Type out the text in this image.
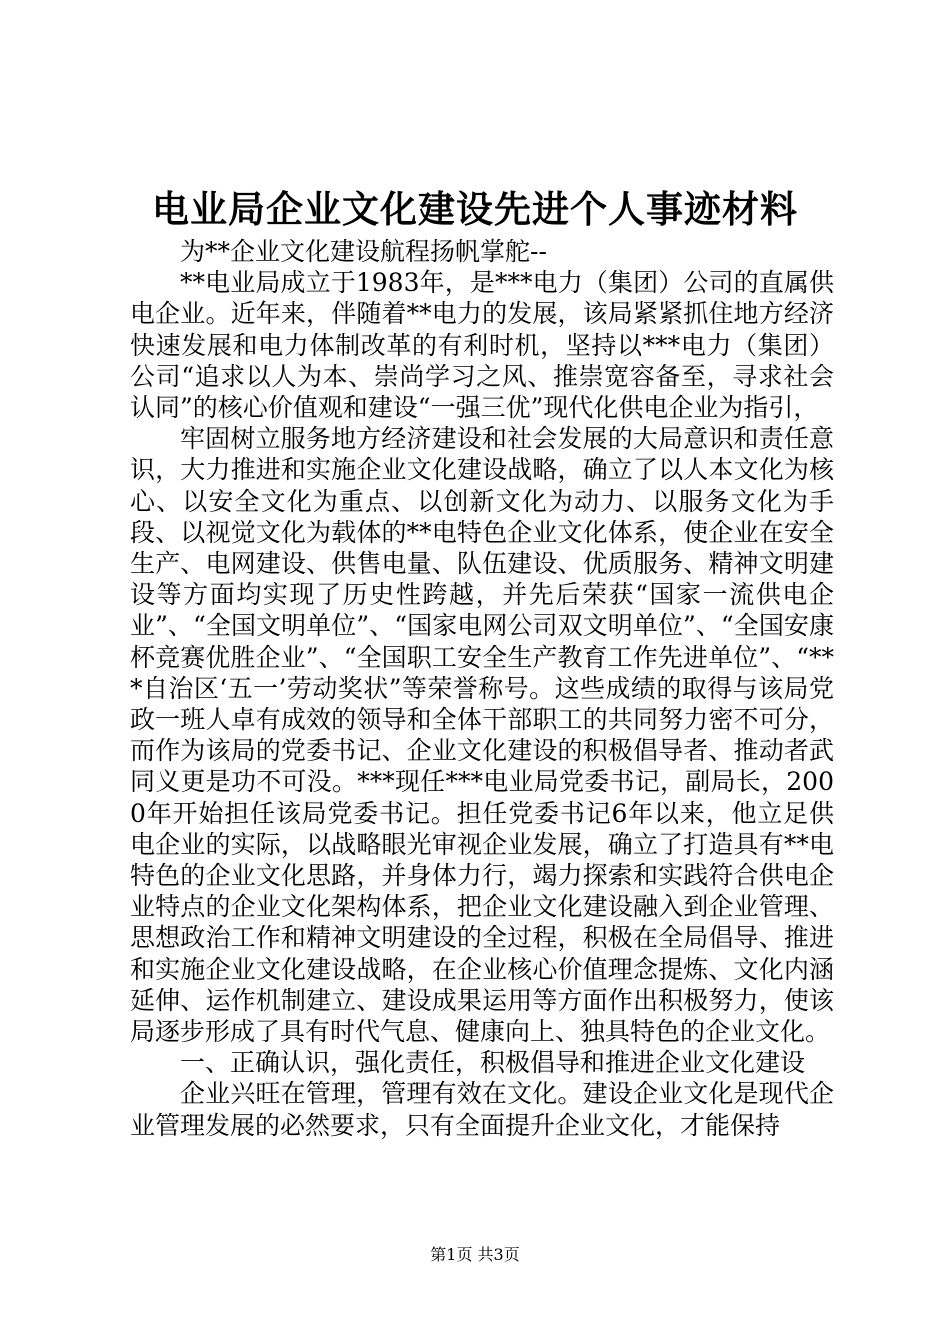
电业局企业文化建设先进个人事迹材料

为**企业文化建设航程扬帆掌舵--

**电业局成立于1983年，是***电力（集团）公司的直属供电企业。近年来，伴随着**电力的发展，该局紧紧抓住地方经济快速发展和电力体制改革的有利时机，坚持以***电力（集团）公司“追求以人为本、崇尚学习之风、推崇宽容备至，寻求社会认同”的核心价值观和建设“一强三优”现代化供电企业为指引，

牢固树立服务地方经济建设和社会发展的大局意识和责任意识，大力推进和实施企业文化建设战略，确立了以人本文化为核心、以安全文化为重点、以创新文化为动力、以服务文化为手段、以视觉文化为载体的**电特色企业文化体系，使企业在安全生产、电网建设、供售电量、队伍建设、优质服务、精神文明建设等方面均实现了历史性跨越，并先后荣获“国家一流供电企业”、“全国文明单位”、“国家电网公司双文明单位”、“全国安康杯竞赛优胜企业”、“全国职工安全生产教育工作先进单位”、“***自治区‘五一’劳动奖状”等荣誉称号。这些成绩的取得与该局党政一班人卓有成效的领导和全体干部职工的共同努力密不可分，而作为该局的党委书记、企业文化建设的积极倡导者、推动者武同义更是功不可没。***现任***电业局党委书记，副局长，2000年开始担任该局党委书记。担任党委书记6年以来，他立足供电企业的实际，以战略眼光审视企业发展，确立了打造具有**电特色的企业文化思路，并身体力行，竭力探索和实践符合供电企业特点的企业文化架构体系，把企业文化建设融入到企业管理、思想政治工作和精神文明建设的全过程，积极在全局倡导、推进和实施企业文化建设战略，在企业核心价值理念提炼、文化内涵延伸、运作机制建立、建设成果运用等方面作出积极努力，使该局逐步形成了具有时代气息、健康向上、独具特色的企业文化。

一、正确认识，强化责任，积极倡导和推进企业文化建设

企业兴旺在管理，管理有效在文化。建设企业文化是现代企业管理发展的必然要求，只有全面提升企业文化，才能保持

第1页 共3页
